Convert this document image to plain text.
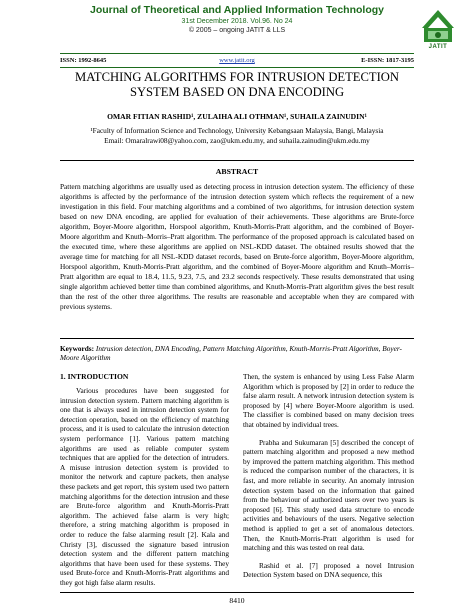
Journal of Theoretical and Applied Information Technology
31st December 2018. Vol.96. No 24
© 2005 – ongoing JATIT & LLS
JATIT
ISSN: 1992-8645	www.jatit.org	E-ISSN: 1817-3195
MATCHING ALGORITHMS FOR INTRUSION DETECTION SYSTEM BASED ON DNA ENCODING
OMAR FITIAN RASHID¹, ZULAIHA ALI OTHMAN¹, SUHAILA ZAINUDIN¹
¹Faculty of Information Science and Technology, University Kebangsaan Malaysia, Bangi, Malaysia
Email: Omaralrawi08@yahoo.com, zao@ukm.edu.my, and suhaila.zainudin@ukm.edu.my
ABSTRACT
Pattern matching algorithms are usually used as detecting process in intrusion detection system. The efficiency of these algorithms is affected by the performance of the intrusion detection system which reflects the requirement of a new investigation in this field. Four matching algorithms and a combined of two algorithms, for intrusion detection system based on new DNA encoding, are applied for evaluation of their achievements. These algorithms are Brute-force algorithm, Boyer-Moore algorithm, Horspool algorithm, Knuth-Morris-Pratt algorithm, and the combined of Boyer-Moore algorithm and Knuth–Morris–Pratt algorithm. The performance of the proposed approach is calculated based on the executed time, where these algorithms are applied on NSL-KDD dataset. The obtained results showed that the average time for matching for all NSL-KDD dataset records, based on Brute-force algorithm, Boyer-Moore algorithm, Horspool algorithm, Knuth-Morris-Pratt algorithm, and the combined of Boyer-Moore algorithm and Knuth–Morris–Pratt algorithm are equal to 18.4, 11.5, 9.23, 7.5, and 23.2 seconds respectively. These results demonstrated that using single algorithm achieved better time than combined algorithms, and Knuth-Morris-Pratt algorithm gives the best result than the rest of the other three algorithms. The results are reasonable and acceptable when they are compared with previous systems.
Keywords: Intrusion detection, DNA Encoding, Pattern Matching Algorithm, Knuth-Morris-Pratt Algorithm, Boyer-Moore Algorithm
1. INTRODUCTION

Various procedures have been suggested for intrusion detection system. Pattern matching algorithm is one that is always used in intrusion detection system for detection operation, based on the efficiency of matching process, and it is used to calculate the intrusion detection system performance [1]. Various pattern matching algorithms are used as reliable computer system techniques that are applied for the detection of intruders. A misuse intrusion detection system is provided to monitor the network and capture packets, then analyse these packets and get report, this system used two pattern matching algorithms for the detection intrusion and these are Brute-force algorithm and Knuth-Morris-Pratt algorithm. The achieved false alarm is very high; therefore, a string matching algorithm is proposed in order to reduce the false alarming result [2]. Kala and Christy [3], discussed the signature based intrusion detection system and the different pattern matching algorithms that have been used for these systems. They used Brute-force and Knuth-Morris-Pratt algorithms and they got high false alarm results.

Then, the system is enhanced by using Less False Alarm Algorithm which is proposed by [2] in order to reduce the false alarm result. A network intrusion detection system is proposed by [4] where Boyer-Moore algorithm is used. The classifier is combined based on many decision trees that obtained by individual trees.

Prabha and Sukumaran [5] described the concept of pattern matching algorithm and proposed a new method by improved the pattern matching algorithm. This method is reduced the comparison number of the characters, it is fast, and more reliable in security. An anomaly intrusion detection system based on the information that gained from the behaviour of authorized users over two years is proposed [6]. This study used data structure to encode activities and behaviours of the users. Negative selection method is applied to get a set of anomalous detectors. Then, the Knuth-Morris-Pratt algorithm is used for matching and this was tested on real data.

Rashid et al. [7] proposed a novel Intrusion Detection System based on DNA sequence, this

8410
